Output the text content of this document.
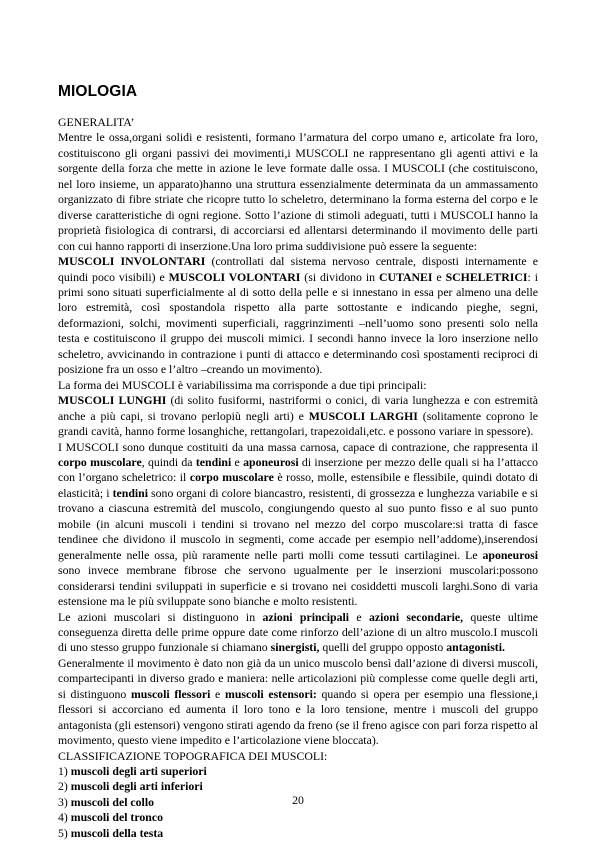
MIOLOGIA

GENERALITA’

Mentre le ossa,organi solidi e resistenti, formano l’armatura del corpo umano e, articolate fra loro, costituiscono gli organi passivi dei movimenti,i MUSCOLI ne rappresentano gli agenti attivi e la sorgente della forza che mette in azione le leve formate dalle ossa. I MUSCOLI (che costituiscono, nel loro insieme, un apparato)hanno una struttura essenzialmente determinata da un ammassamento organizzato di fibre striate che ricopre tutto lo scheletro, determinano la forma esterna del corpo e le diverse caratteristiche di ogni regione. Sotto l’azione di stimoli adeguati, tutti i MUSCOLI hanno la proprietà fisiologica di contrarsi, di accorciarsi ed allentarsi determinando il movimento delle parti con cui hanno rapporti di inserzione.Una loro prima suddivisione può essere la seguente:

MUSCOLI INVOLONTARI (controllati dal sistema nervoso centrale, disposti internamente e quindi poco visibili) e MUSCOLI VOLONTARI (si dividono in CUTANEI e SCHELETRICI: i primi sono situati superficialmente al di sotto della pelle e si innestano in essa per almeno una delle loro estremità, così spostandola rispetto alla parte sottostante e indicando pieghe, segni, deformazioni, solchi, movimenti superficiali, raggrinzimenti –nell’uomo sono presenti solo nella testa e costituiscono il gruppo dei muscoli mimici. I secondi hanno invece la loro inserzione nello scheletro, avvicinando in contrazione i punti di attacco e determinando così spostamenti reciproci di posizione fra un osso e l’altro –creando un movimento).

La forma dei MUSCOLI è variabilissima ma corrisponde a due tipi principali:

MUSCOLI LUNGHI (di solito fusiformi, nastriformi o conici, di varia lunghezza e con estremità anche a più capi, si trovano perlopiù negli arti) e MUSCOLI LARGHI (solitamente coprono le grandi cavità, hanno forme losanghiche, rettangolari, trapezoidali,etc. e possono variare in spessore).

I MUSCOLI sono dunque costituiti da una massa carnosa, capace di contrazione, che rappresenta il corpo muscolare, quindi da tendini e aponeurosi di inserzione per mezzo delle quali si ha l’attacco con l’organo scheletrico: il corpo muscolare è rosso, molle, estensibile e flessibile, quindi dotato di elasticità; i tendini sono organi di colore biancastro, resistenti, di grossezza e lunghezza variabile e si trovano a ciascuna estremità del muscolo, congiungendo questo al suo punto fisso e al suo punto mobile (in alcuni muscoli i tendini si trovano nel mezzo del corpo muscolare:si tratta di fasce tendinee che dividono il muscolo in segmenti, come accade per esempio nell’addome),inserendosi generalmente nelle ossa, più raramente nelle parti molli come tessuti cartilaginei. Le aponeurosi sono invece membrane fibrose che servono ugualmente per le inserzioni muscolari:possono considerarsi tendini sviluppati in superficie e si trovano nei cosiddetti muscoli larghi.Sono di varia estensione ma le più sviluppate sono bianche e molto resistenti.

Le azioni muscolari si distinguono in azioni principali e azioni secondarie, queste ultime conseguenza diretta delle prime oppure date come rinforzo dell’azione di un altro muscolo.I muscoli di uno stesso gruppo funzionale si chiamano sinergisti, quelli del gruppo opposto antagonisti.

Generalmente il movimento è dato non già da un unico muscolo bensì dall’azione di diversi muscoli, compartecipanti in diverso grado e maniera: nelle articolazioni più complesse come quelle degli arti, si distinguono muscoli flessori e muscoli estensori: quando si opera per esempio una flessione,i flessori si accorciano ed aumenta il loro tono e la loro tensione, mentre i muscoli del gruppo antagonista (gli estensori) vengono stirati agendo da freno (se il freno agisce con pari forza rispetto al movimento, questo viene impedito e l’articolazione viene bloccata).

CLASSIFICAZIONE TOPOGRAFICA DEI MUSCOLI:

1) muscoli degli arti superiori

2) muscoli degli arti inferiori

3) muscoli del collo

4) muscoli del tronco

5) muscoli della testa

20
